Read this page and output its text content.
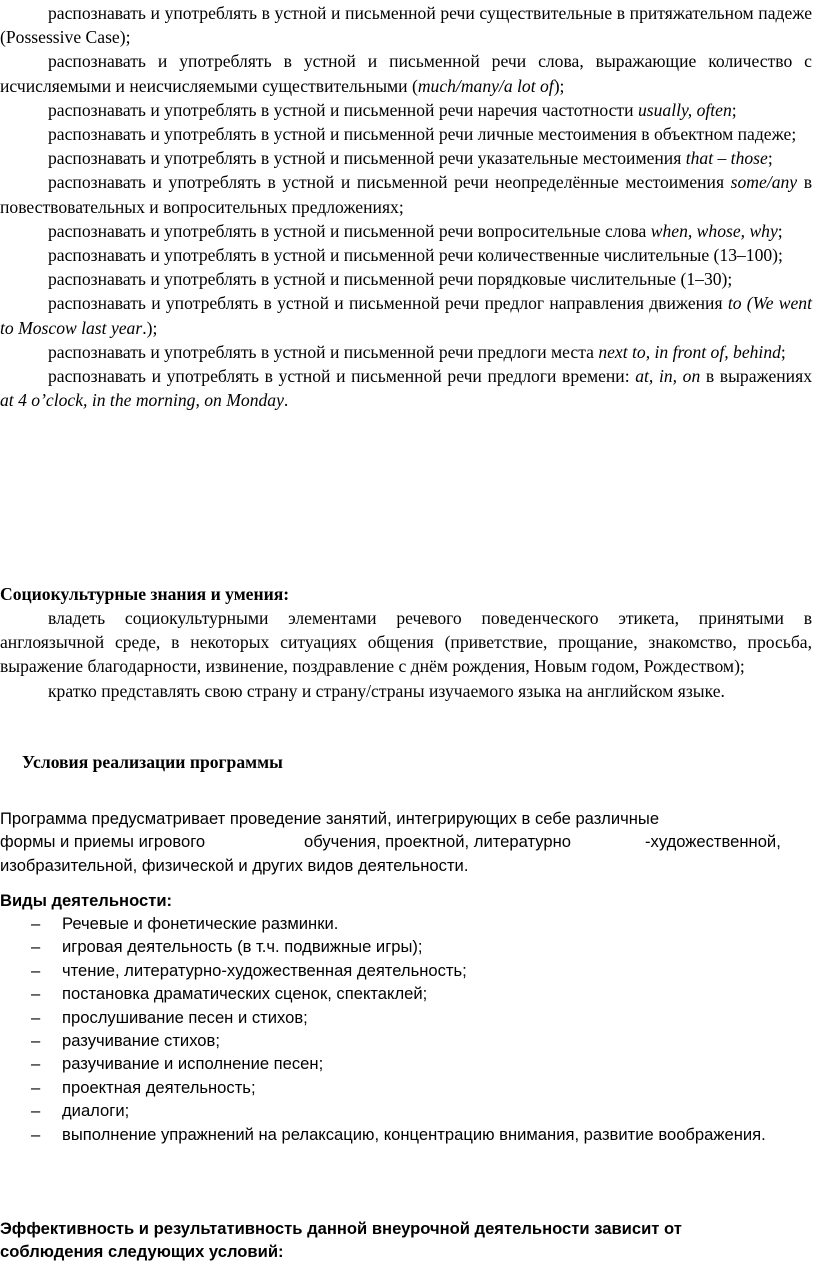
распознавать и употреблять в устной и письменной речи существительные в притяжательном падеже (Possessive Case);

распознавать и употреблять в устной и письменной речи слова, выражающие количество с исчисляемыми и неисчисляемыми существительными (much/many/a lot of);

распознавать и употреблять в устной и письменной речи наречия частотности usually, often;

распознавать и употреблять в устной и письменной речи личные местоимения в объектном падеже;

распознавать и употреблять в устной и письменной речи указательные местоимения that – those;

распознавать и употреблять в устной и письменной речи неопределённые местоимения some/any в повествовательных и вопросительных предложениях;

распознавать и употреблять в устной и письменной речи вопросительные слова when, whose, why;

распознавать и употреблять в устной и письменной речи количественные числительные (13–100);

распознавать и употреблять в устной и письменной речи порядковые числительные (1–30);

распознавать и употреблять в устной и письменной речи предлог направления движения to (We went to Moscow last year.);

распознавать и употреблять в устной и письменной речи предлоги места next to, in front of, behind;

распознавать и употреблять в устной и письменной речи предлоги времени: at, in, on в выражениях at 4 o’clock, in the morning, on Monday.

Социокультурные знания и умения:

владеть социокультурными элементами речевого поведенческого этикета, принятыми в англоязычной среде, в некоторых ситуациях общения (приветствие, прощание, знакомство, просьба, выражение благодарности, извинение, поздравление с днём рождения, Новым годом, Рождеством);

кратко представлять свою страну и страну/страны изучаемого языка на английском языке.

Условия реализации программы
Программа предусматривает проведение занятий, интегрирующих в себе различные
формы и приемы игрового	обучения, проектной, литературно	-художественной,
изобразительной, физической и других видов деятельности.
Виды деятельности:
– Речевые и фонетические разминки.
– игровая деятельность (в т.ч. подвижные игры);
– чтение, литературно-художественная деятельность;
– постановка драматических сценок, спектаклей;
– прослушивание песен и стихов;
– разучивание стихов;
– разучивание и исполнение песен;
– проектная деятельность;
– диалоги;
– выполнение упражнений на релаксацию, концентрацию внимания, развитие воображения.
Эффективность и результативность данной внеурочной деятельности зависит от
соблюдения следующих условий:
